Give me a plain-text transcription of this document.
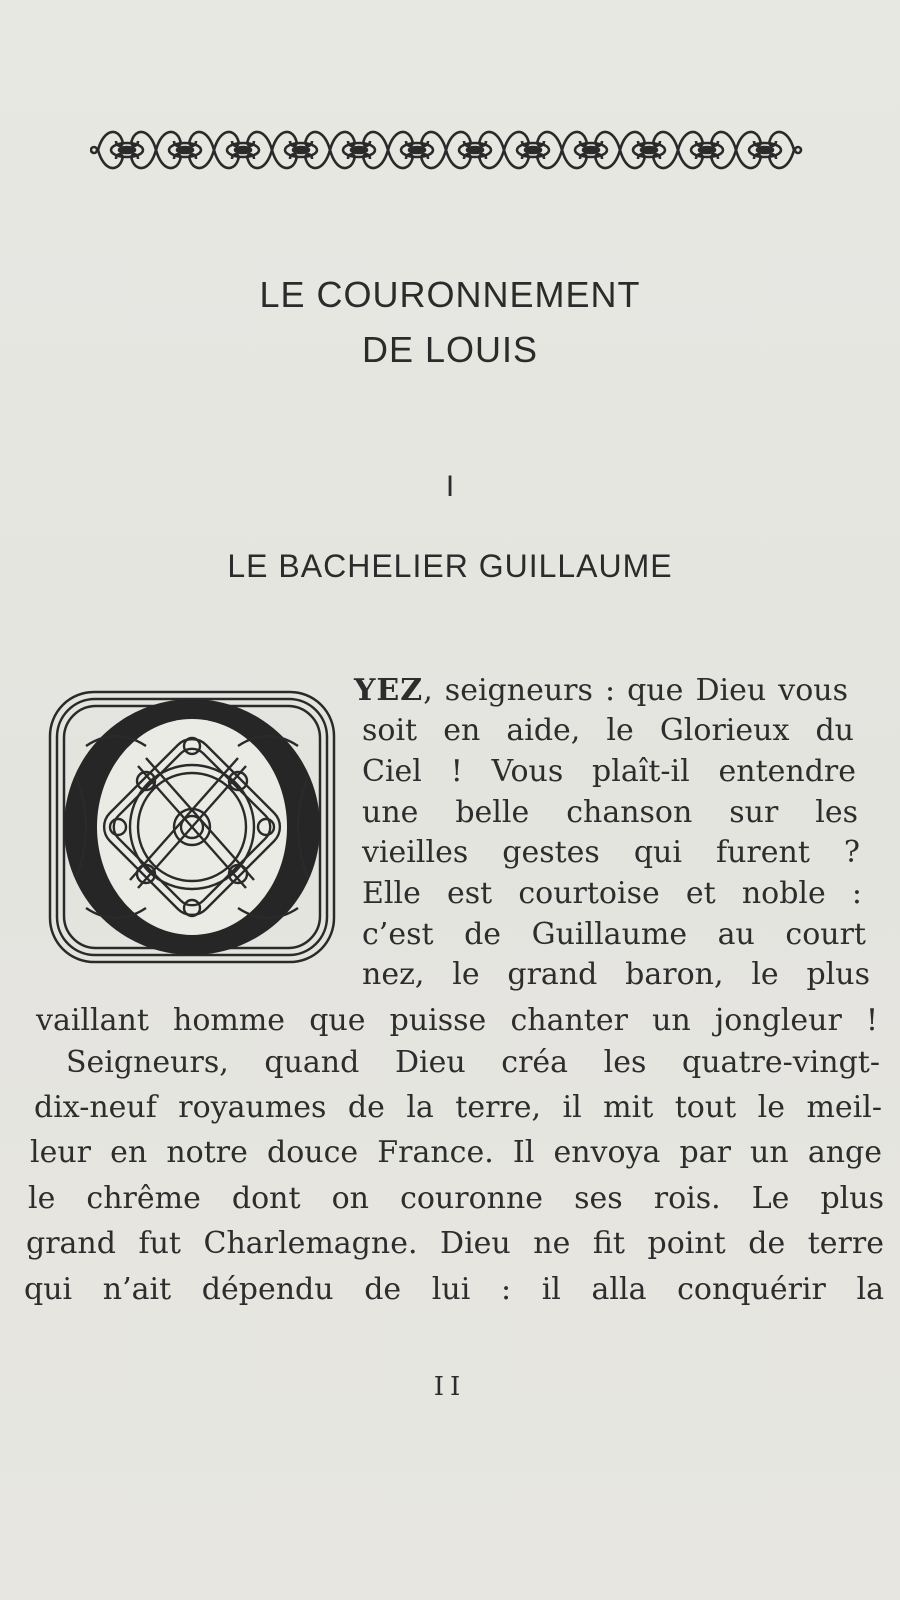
LE COURONNEMENT
DE LOUIS
I
LE BACHELIER GUILLAUME
YEZ, seigneurs : que Dieu vous
soit en aide, le Glorieux du
Ciel ! Vous plaît-il entendre
une belle chanson sur les
vieilles gestes qui furent ?
Elle est courtoise et noble :
c’est de Guillaume au court
nez, le grand baron, le plus
vaillant homme que puisse chanter un jongleur !
Seigneurs, quand Dieu créa les quatre-vingt-
dix-neuf royaumes de la terre, il mit tout le meil-
leur en notre douce France. Il envoya par un ange
le chrême dont on couronne ses rois. Le plus
grand fut Charlemagne. Dieu ne fit point de terre
qui n’ait dépendu de lui : il alla conquérir la
II
